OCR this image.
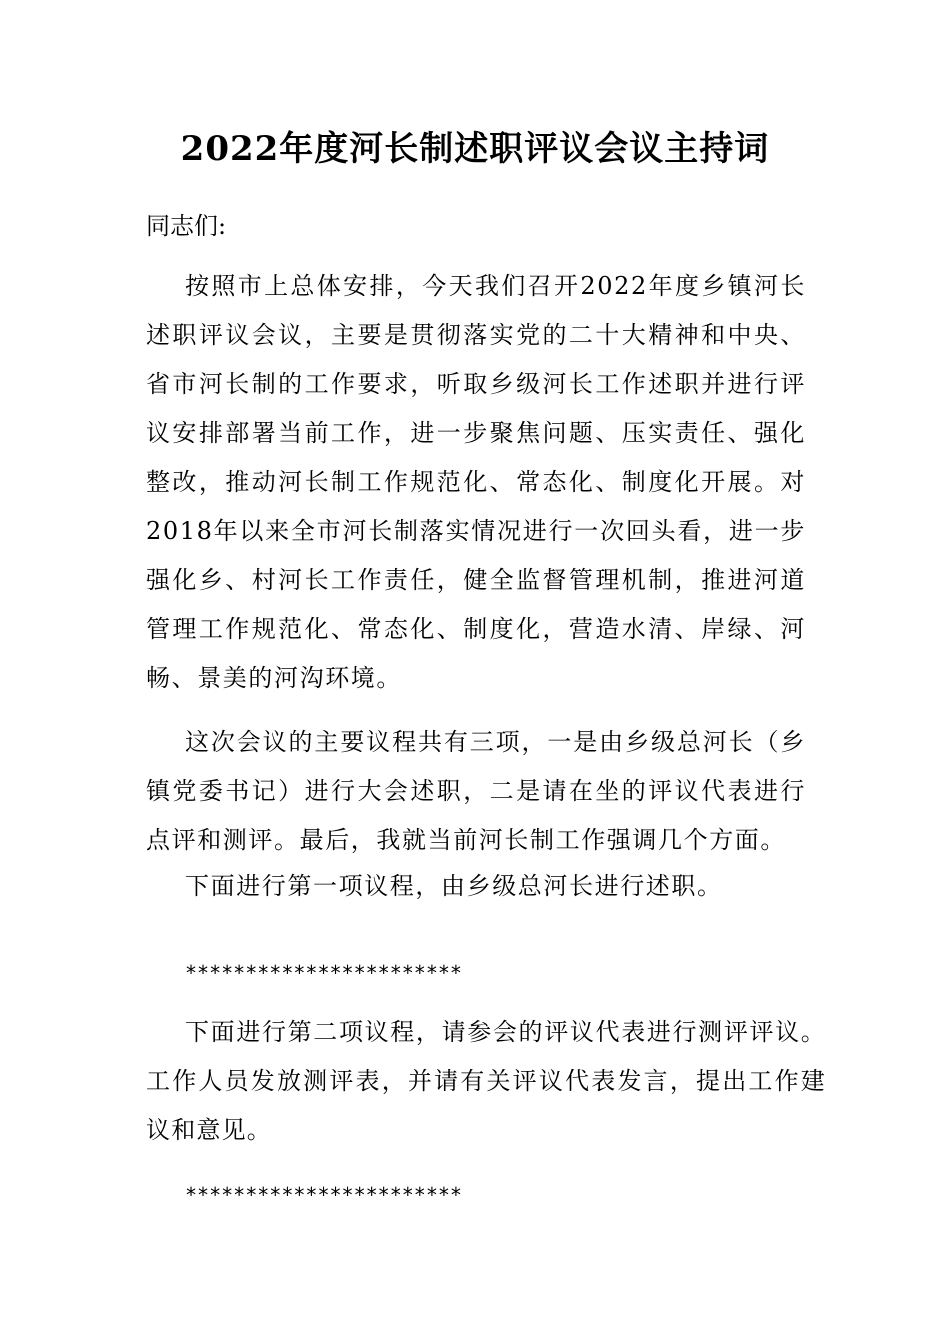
2022年度河长制述职评议会议主持词
同志们:

按照市上总体安排，今天我们召开2022年度乡镇河长述职评议会议，主要是贯彻落实党的二十大精神和中央、省市河长制的工作要求，听取乡级河长工作述职并进行评议安排部署当前工作，进一步聚焦问题、压实责任、强化整改，推动河长制工作规范化、常态化、制度化开展。对2018年以来全市河长制落实情况进行一次回头看，进一步强化乡、村河长工作责任，健全监督管理机制，推进河道管理工作规范化、常态化、制度化，营造水清、岸绿、河畅、景美的河沟环境。

这次会议的主要议程共有三项，一是由乡级总河长（乡镇党委书记）进行大会述职，二是请在坐的评议代表进行点评和测评。最后，我就当前河长制工作强调几个方面。

下面进行第一项议程，由乡级总河长进行述职。

***********************

下面进行第二项议程，请参会的评议代表进行测评评议。工作人员发放测评表，并请有关评议代表发言，提出工作建议和意见。

***********************
